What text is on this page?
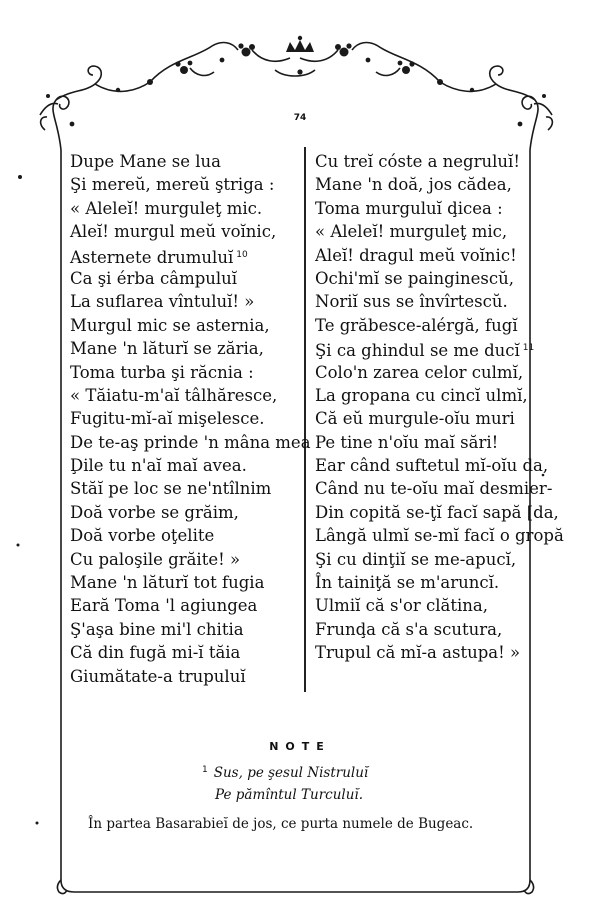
74
Dupe Mane se lua
Şi mereŭ, mereŭ ştriga :
« Aleleĭ! murguleţ mic.
Aleĭ! murgul meŭ voĭnic,
Asternete drumuluĭ $^{10}$
Ca şi érba câmpuluĭ
La suflarea vîntuluĭ! »
Murgul mic se asternia,
Mane 'n lăturĭ se zăria,
Toma turba şi răcnia :
« Tăiatu-m'aĭ tâlhăresce,
Fugitu-mĭ-aĭ mişelesce.
De te-aş prinde 'n mâna mea
Ḑile tu n'aĭ maĭ avea.
Stăĭ pe loc se ne'ntîlnim
Doă vorbe se grăim,
Doă vorbe oţelite
Cu paloşile grăite! »
Mane 'n lăturĭ tot fugia
Eară Toma 'l agiungea
Ş'aşa bine mi'l chitia
Că din fugă mi-ĭ tăia
Giumătate-a trupuluĭ
Cu treĭ cóste a negruluĭ!
Mane 'n doă, jos cădea,
Toma murguluĭ ḑicea :
« Aleleĭ! murguleţ mic,
Aleĭ! dragul meŭ voĭnic!
Ochi'mĭ se painginescŭ,
Noriĭ sus se învîrtescŭ.
Te grăbesce-alérgă, fugĭ
Şi ca ghindul se me ducĭ $^{11}$
Colo'n zarea celor culmĭ,
La gropana cu cincĭ ulmĭ,
Că eŭ murgule-oĭu muri
Pe tine n'oĭu maĭ sări!
Ear când suftetul mĭ-oĭu da,
Când nu te-oĭu maĭ desmier-
Din copită se-ţĭ facĭ sapă [da,
Lângă ulmĭ se-mĭ facĭ o gropă
Şi cu dinţiĭ se me-apucĭ,
În tainiţă se m'aruncĭ.
Ulmiĭ că s'or clătina,
Frunḑa că s'a scutura,
Trupul că mĭ-a astupa! »
NOTE
$^1$ Sus, pe şesul Nistruluĭ
Pe pămîntul Turculuĭ.
În partea Basarabieĭ de jos, ce purta numele de Bugeac.
